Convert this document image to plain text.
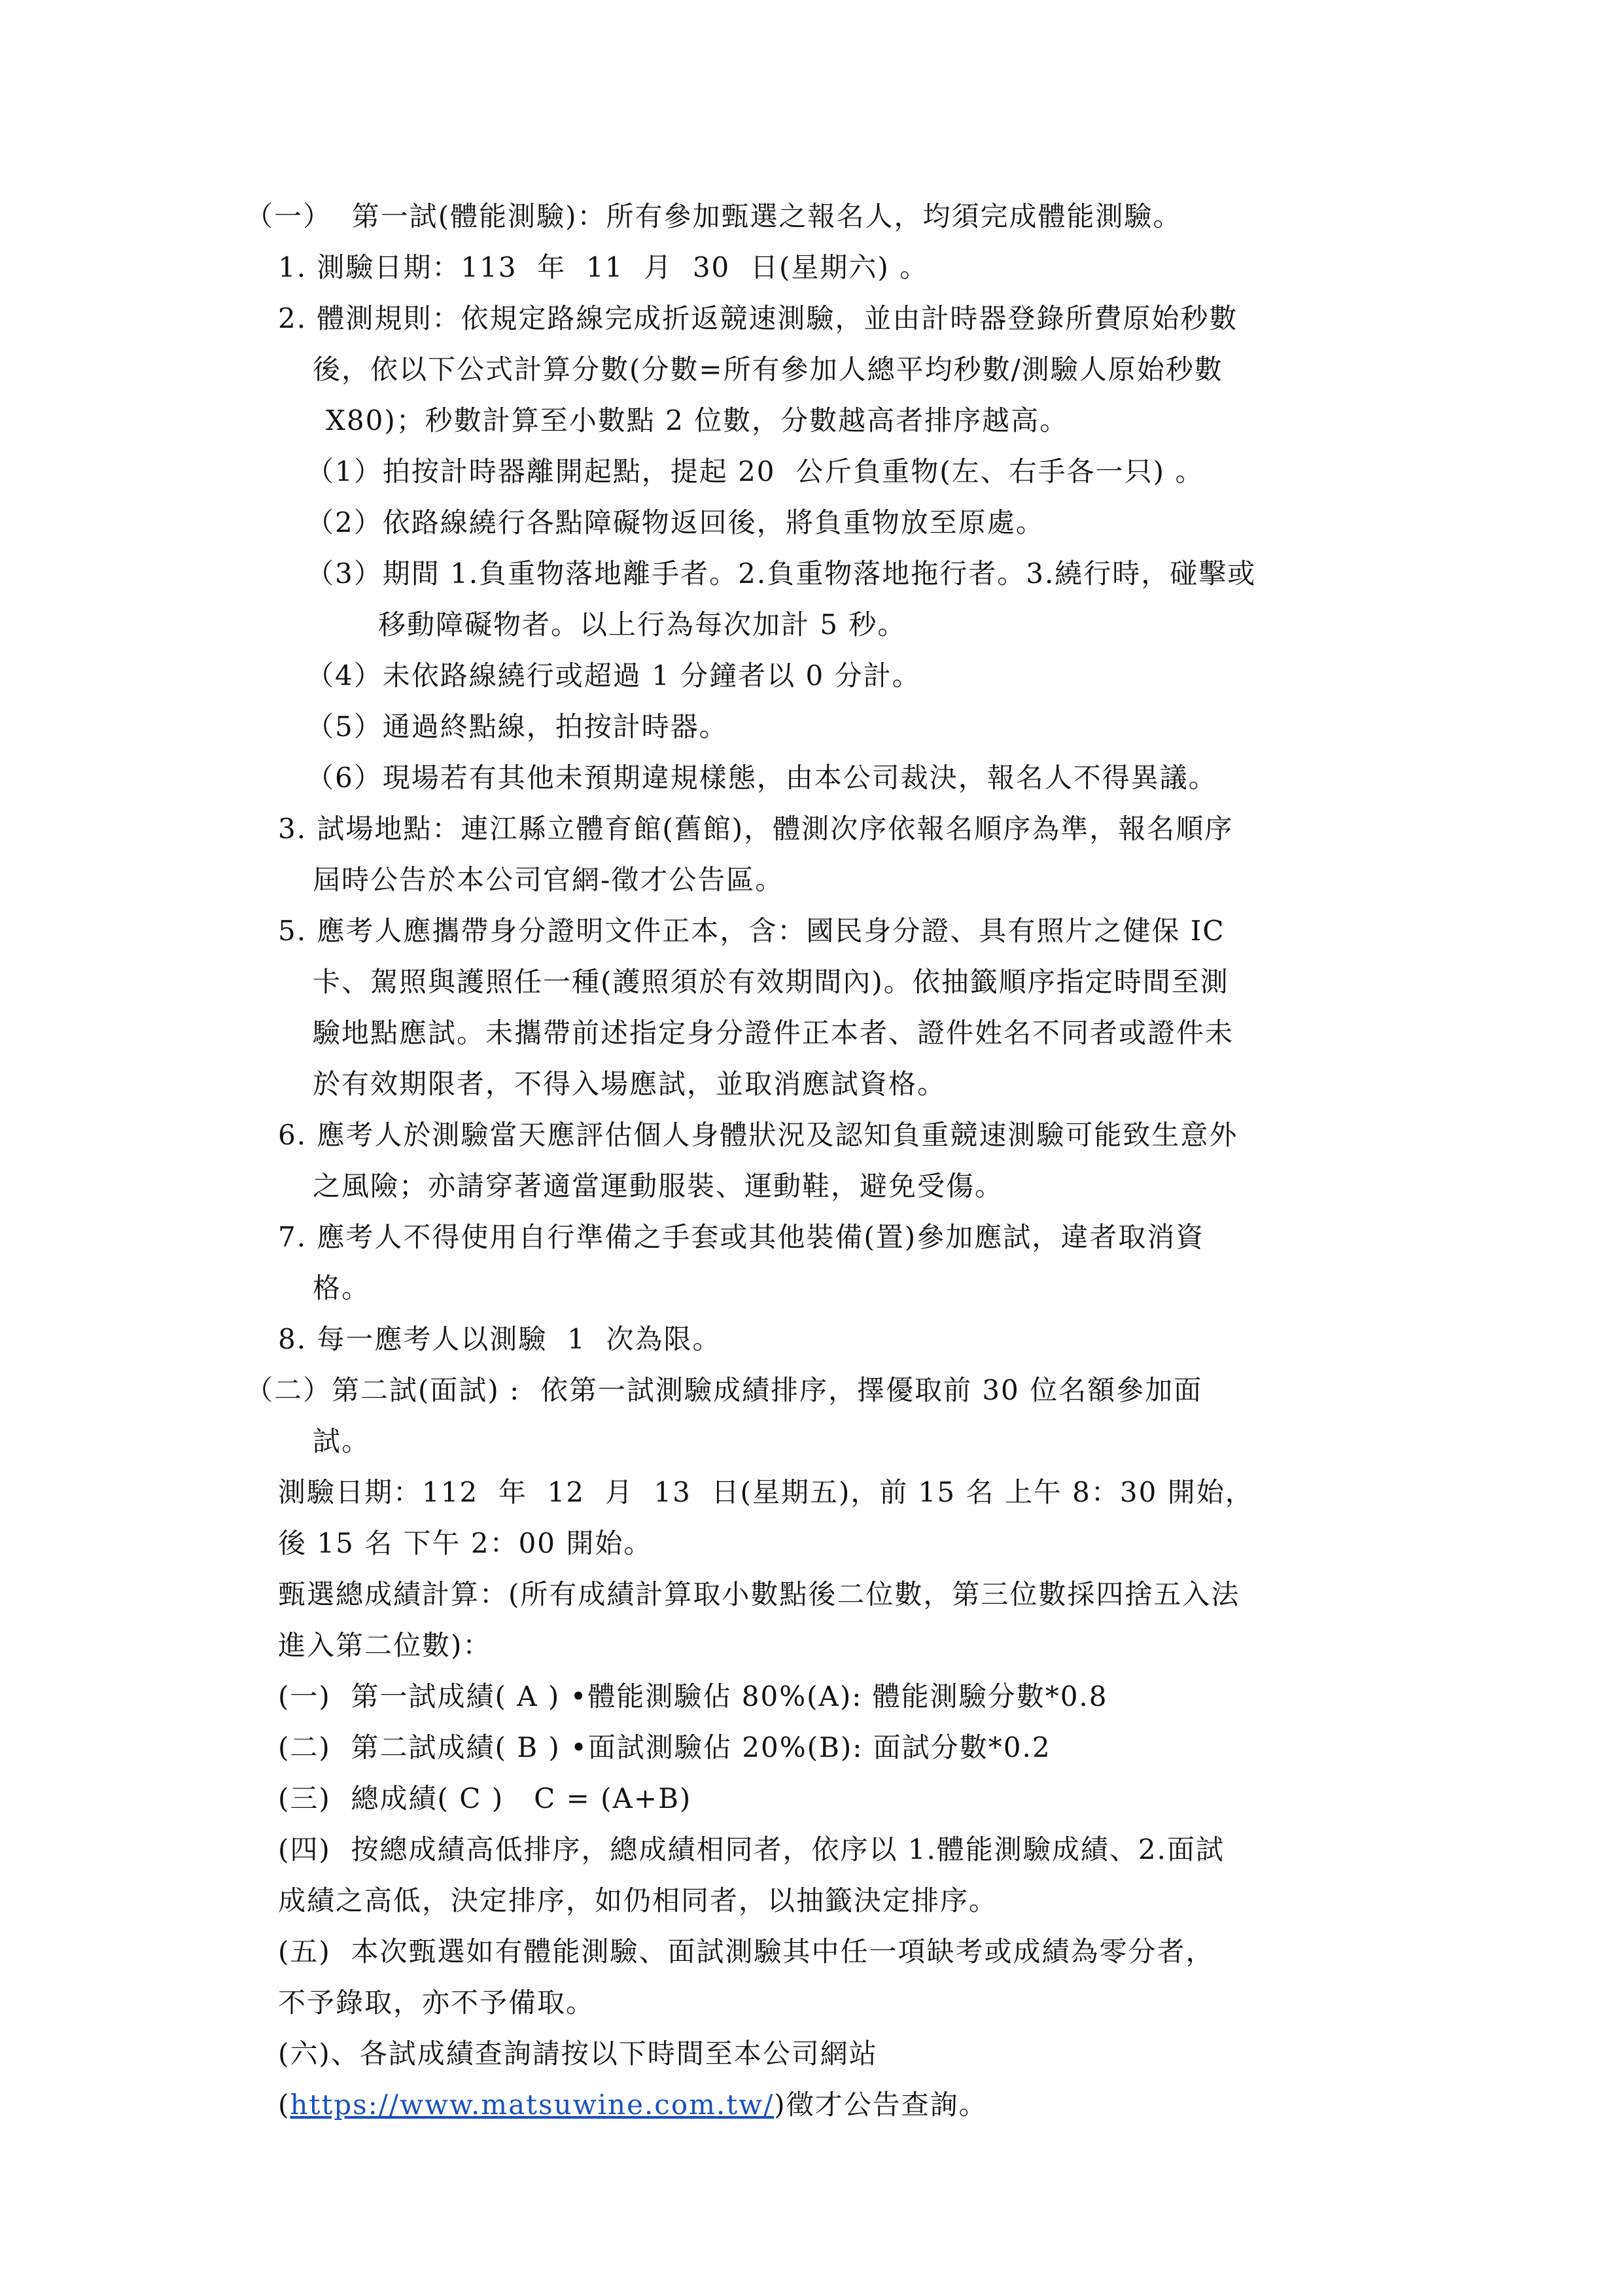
（一）  第一試(體能測驗)：所有參加甄選之報名人，均須完成體能測驗。
1. 測驗日期：113  年  11  月  30  日(星期六) 。
2. 體測規則：依規定路線完成折返競速測驗，並由計時器登錄所費原始秒數
後，依以下公式計算分數(分數=所有參加人總平均秒數/測驗人原始秒數
X80)；秒數計算至小數點 2 位數，分數越高者排序越高。
（1）拍按計時器離開起點，提起 20  公斤負重物(左、右手各一只) 。
（2）依路線繞行各點障礙物返回後，將負重物放至原處。
（3）期間 1.負重物落地離手者。2.負重物落地拖行者。3.繞行時，碰擊或
移動障礙物者。以上行為每次加計 5 秒。
（4）未依路線繞行或超過 1 分鐘者以 0 分計。
（5）通過終點線，拍按計時器。
（6）現場若有其他未預期違規樣態，由本公司裁決，報名人不得異議。
3. 試場地點：連江縣立體育館(舊館)，體測次序依報名順序為準，報名順序
屆時公告於本公司官網-徵才公告區。
5. 應考人應攜帶身分證明文件正本，含：國民身分證、具有照片之健保 IC
卡、駕照與護照任一種(護照須於有效期間內)。依抽籤順序指定時間至測
驗地點應試。未攜帶前述指定身分證件正本者、證件姓名不同者或證件未
於有效期限者，不得入場應試，並取消應試資格。
6. 應考人於測驗當天應評估個人身體狀況及認知負重競速測驗可能致生意外
之風險；亦請穿著適當運動服裝、運動鞋，避免受傷。
7. 應考人不得使用自行準備之手套或其他裝備(置)參加應試，違者取消資
格。
8. 每一應考人以測驗  1  次為限。
（二）第二試(面試) :  依第一試測驗成績排序，擇優取前 30 位名額參加面
試。
測驗日期：112  年  12  月  13  日(星期五)，前 15 名 上午 8：30 開始，
後 15 名 下午 2：00 開始。
甄選總成績計算：(所有成績計算取小數點後二位數，第三位數採四捨五入法
進入第二位數)：
(一)  第一試成績( A ) •體能測驗佔 80%(A): 體能測驗分數*0.8
(二)  第二試成績( B ) •面試測驗佔 20%(B): 面試分數*0.2
(三)  總成績( C )   C = (A+B)
(四)  按總成績高低排序，總成績相同者，依序以 1.體能測驗成績、2.面試
成績之高低，決定排序，如仍相同者，以抽籤決定排序。
(五)  本次甄選如有體能測驗、面試測驗其中任一項缺考或成績為零分者，
不予錄取，亦不予備取。
(六)、各試成績查詢請按以下時間至本公司網站
(https://www.matsuwine.com.tw/)徵才公告查詢。
